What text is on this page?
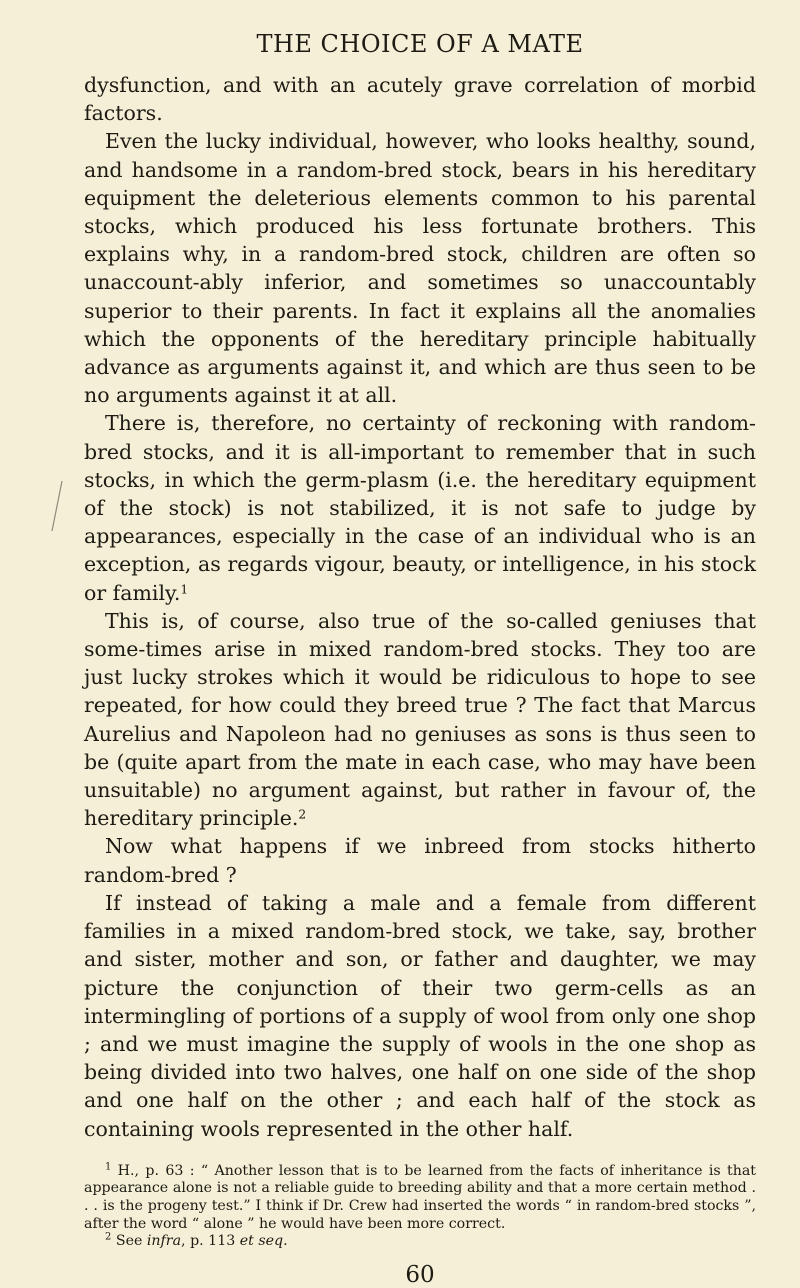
THE CHOICE OF A MATE

dysfunction, and with an acutely grave correlation of morbid factors.

Even the lucky individual, however, who looks healthy, sound, and handsome in a random-bred stock, bears in his hereditary equipment the deleterious elements common to his parental stocks, which produced his less fortunate brothers. This explains why, in a random-bred stock, children are often so unaccount-ably inferior, and sometimes so unaccountably superior to their parents. In fact it explains all the anomalies which the opponents of the hereditary principle habitually advance as arguments against it, and which are thus seen to be no arguments against it at all.

There is, therefore, no certainty of reckoning with random-bred stocks, and it is all-important to remember that in such stocks, in which the germ-plasm (i.e. the hereditary equipment of the stock) is not stabilized, it is not safe to judge by appearances, especially in the case of an individual who is an exception, as regards vigour, beauty, or intelligence, in his stock or family.$^1$

This is, of course, also true of the so-called geniuses that some-times arise in mixed random-bred stocks. They too are just lucky strokes which it would be ridiculous to hope to see repeated, for how could they breed true ? The fact that Marcus Aurelius and Napoleon had no geniuses as sons is thus seen to be (quite apart from the mate in each case, who may have been unsuitable) no argument against, but rather in favour of, the hereditary principle.$^2$

Now what happens if we inbreed from stocks hitherto random-bred ?

If instead of taking a male and a female from different families in a mixed random-bred stock, we take, say, brother and sister, mother and son, or father and daughter, we may picture the conjunction of their two germ-cells as an intermingling of portions of a supply of wool from only one shop ; and we must imagine the supply of wools in the one shop as being divided into two halves, one half on one side of the shop and one half on the other ; and each half of the stock as containing wools represented in the other half.

$^1$ H., p. 63 : “ Another lesson that is to be learned from the facts of inheritance is that appearance alone is not a reliable guide to breeding ability and that a more certain method . . . is the progeny test.” I think if Dr. Crew had inserted the words “ in random-bred stocks ”, after the word “ alone ” he would have been more correct.

$^2$ See infra, p. 113 et seq.

60
